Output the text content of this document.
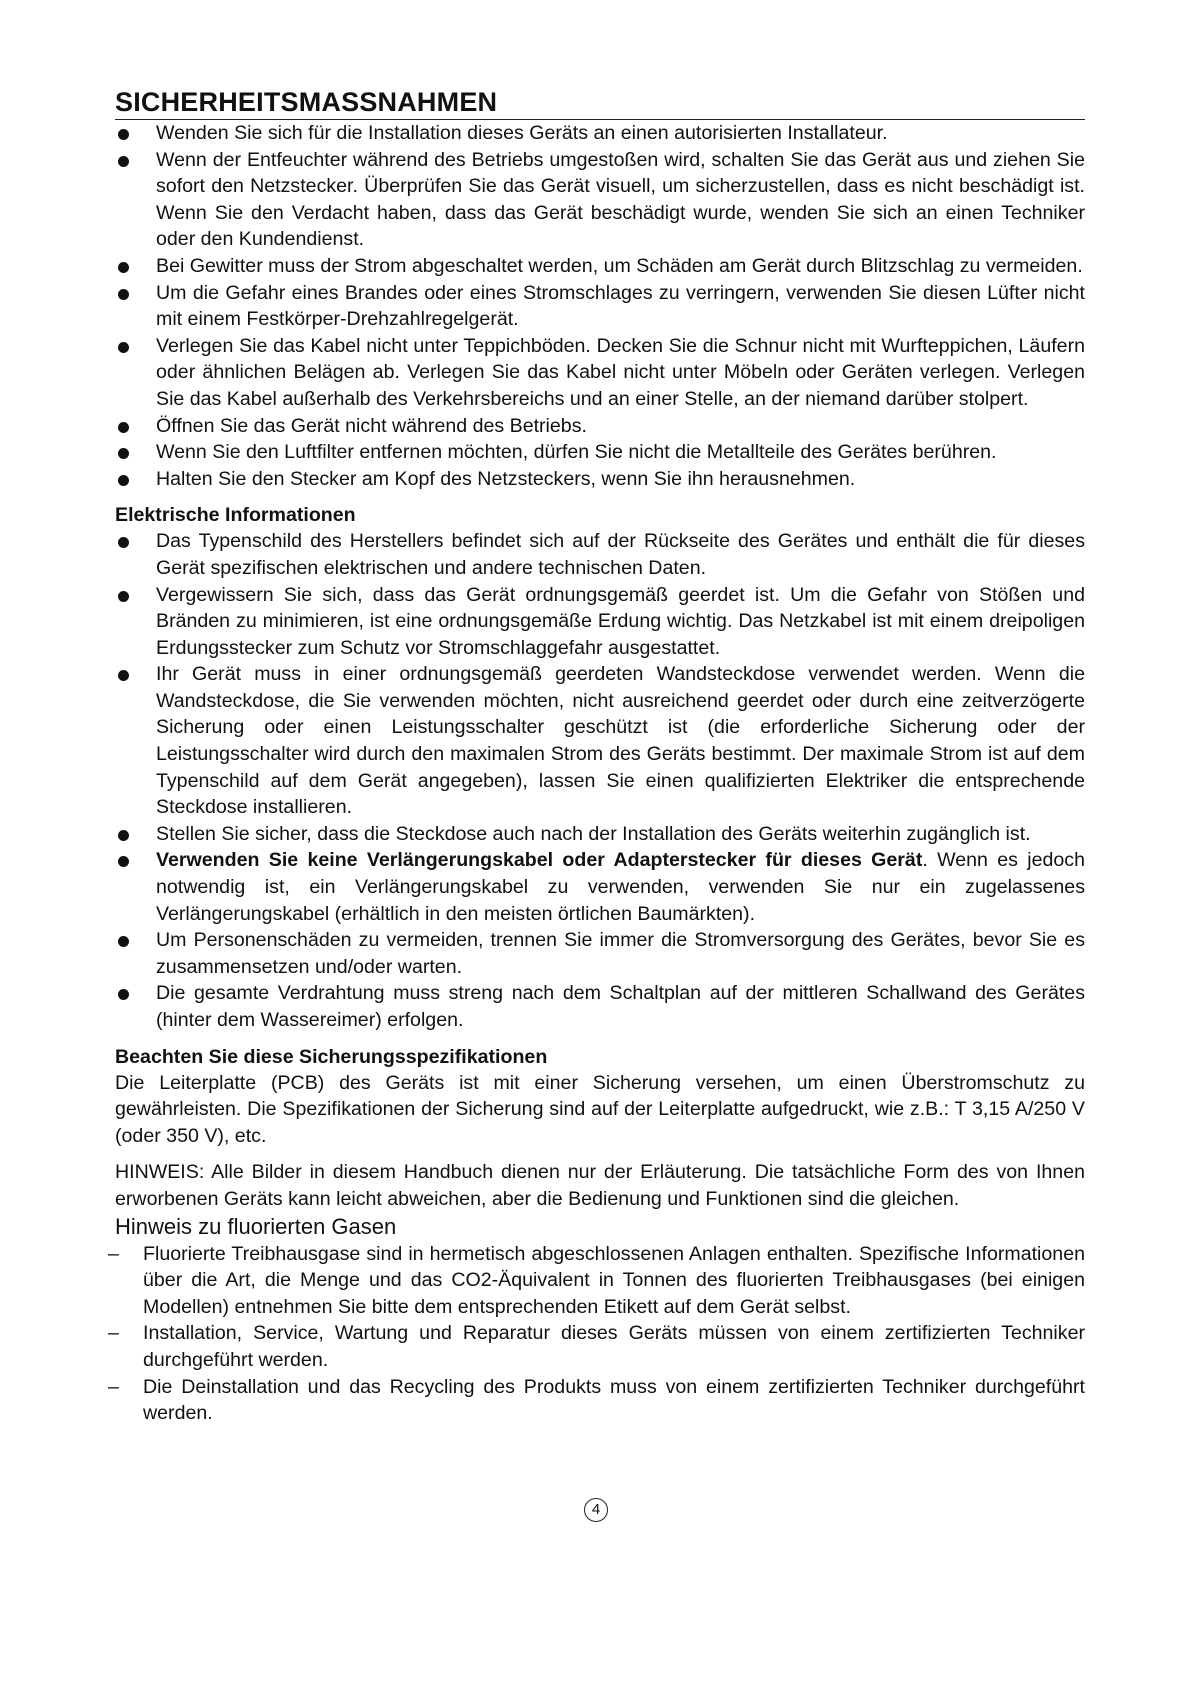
SICHERHEITSMASSNAHMEN
Wenden Sie sich für die Installation dieses Geräts an einen autorisierten Installateur.
Wenn der Entfeuchter während des Betriebs umgestoßen wird, schalten Sie das Gerät aus und ziehen Sie sofort den Netzstecker. Überprüfen Sie das Gerät visuell, um sicherzustellen, dass es nicht beschädigt ist. Wenn Sie den Verdacht haben, dass das Gerät beschädigt wurde, wenden Sie sich an einen Techniker oder den Kundendienst.
Bei Gewitter muss der Strom abgeschaltet werden, um Schäden am Gerät durch Blitzschlag zu vermeiden.
Um die Gefahr eines Brandes oder eines Stromschlages zu verringern, verwenden Sie diesen Lüfter nicht mit einem Festkörper-Drehzahlregelgerät.
Verlegen Sie das Kabel nicht unter Teppichböden. Decken Sie die Schnur nicht mit Wurfteppichen, Läufern oder ähnlichen Belägen ab. Verlegen Sie das Kabel nicht unter Möbeln oder Geräten verlegen. Verlegen Sie das Kabel außerhalb des Verkehrsbereichs und an einer Stelle, an der niemand darüber stolpert.
Öffnen Sie das Gerät nicht während des Betriebs.
Wenn Sie den Luftfilter entfernen möchten, dürfen Sie nicht die Metallteile des Gerätes berühren.
Halten Sie den Stecker am Kopf des Netzsteckers, wenn Sie ihn herausnehmen.
Elektrische Informationen
Das Typenschild des Herstellers befindet sich auf der Rückseite des Gerätes und enthält die für dieses Gerät spezifischen elektrischen und andere technischen Daten.
Vergewissern Sie sich, dass das Gerät ordnungsgemäß geerdet ist. Um die Gefahr von Stößen und Bränden zu minimieren, ist eine ordnungsgemäße Erdung wichtig. Das Netzkabel ist mit einem dreipoligen Erdungsstecker zum Schutz vor Stromschlaggefahr ausgestattet.
Ihr Gerät muss in einer ordnungsgemäß geerdeten Wandsteckdose verwendet werden. Wenn die Wandsteckdose, die Sie verwenden möchten, nicht ausreichend geerdet oder durch eine zeitverzögerte Sicherung oder einen Leistungsschalter geschützt ist (die erforderliche Sicherung oder der Leistungsschalter wird durch den maximalen Strom des Geräts bestimmt. Der maximale Strom ist auf dem Typenschild auf dem Gerät angegeben), lassen Sie einen qualifizierten Elektriker die entsprechende Steckdose installieren.
Stellen Sie sicher, dass die Steckdose auch nach der Installation des Geräts weiterhin zugänglich ist.
Verwenden Sie keine Verlängerungskabel oder Adapterstecker für dieses Gerät. Wenn es jedoch notwendig ist, ein Verlängerungskabel zu verwenden, verwenden Sie nur ein zugelassenes Verlängerungskabel (erhältlich in den meisten örtlichen Baumärkten).
Um Personenschäden zu vermeiden, trennen Sie immer die Stromversorgung des Gerätes, bevor Sie es zusammensetzen und/oder warten.
Die gesamte Verdrahtung muss streng nach dem Schaltplan auf der mittleren Schallwand des Gerätes (hinter dem Wassereimer) erfolgen.
Beachten Sie diese Sicherungsspezifikationen

Die Leiterplatte (PCB) des Geräts ist mit einer Sicherung versehen, um einen Überstromschutz zu gewährleisten. Die Spezifikationen der Sicherung sind auf der Leiterplatte aufgedruckt, wie z.B.: T 3,15 A/250 V (oder 350 V), etc.

HINWEIS: Alle Bilder in diesem Handbuch dienen nur der Erläuterung. Die tatsächliche Form des von Ihnen erworbenen Geräts kann leicht abweichen, aber die Bedienung und Funktionen sind die gleichen.

Hinweis zu fluorierten Gasen
– Fluorierte Treibhausgase sind in hermetisch abgeschlossenen Anlagen enthalten. Spezifische Informationen über die Art, die Menge und das CO2-Äquivalent in Tonnen des fluorierten Treibhausgases (bei einigen Modellen) entnehmen Sie bitte dem entsprechenden Etikett auf dem Gerät selbst.
– Installation, Service, Wartung und Reparatur dieses Geräts müssen von einem zertifizierten Techniker durchgeführt werden.
– Die Deinstallation und das Recycling des Produkts muss von einem zertifizierten Techniker durchgeführt werden.
4
